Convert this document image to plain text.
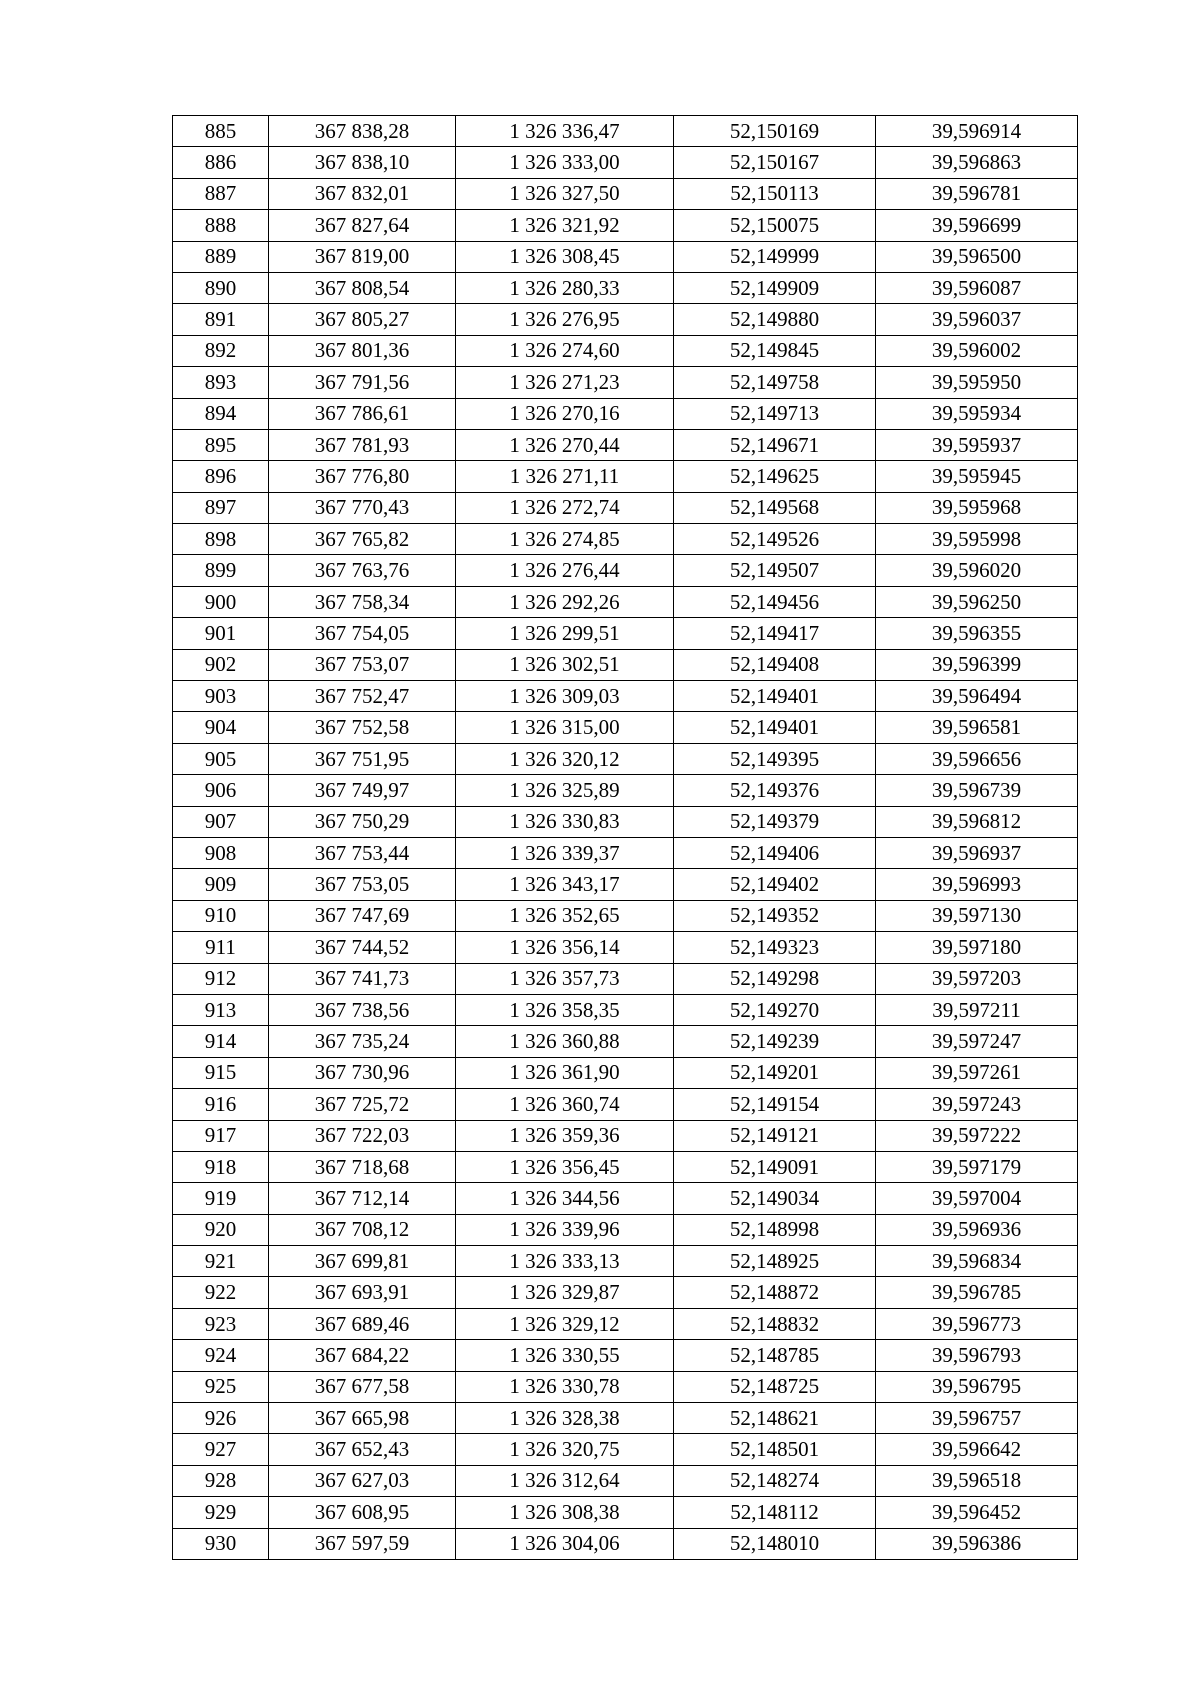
885	367 838,28	1 326 336,47	52,150169	39,596914
886	367 838,10	1 326 333,00	52,150167	39,596863
887	367 832,01	1 326 327,50	52,150113	39,596781
888	367 827,64	1 326 321,92	52,150075	39,596699
889	367 819,00	1 326 308,45	52,149999	39,596500
890	367 808,54	1 326 280,33	52,149909	39,596087
891	367 805,27	1 326 276,95	52,149880	39,596037
892	367 801,36	1 326 274,60	52,149845	39,596002
893	367 791,56	1 326 271,23	52,149758	39,595950
894	367 786,61	1 326 270,16	52,149713	39,595934
895	367 781,93	1 326 270,44	52,149671	39,595937
896	367 776,80	1 326 271,11	52,149625	39,595945
897	367 770,43	1 326 272,74	52,149568	39,595968
898	367 765,82	1 326 274,85	52,149526	39,595998
899	367 763,76	1 326 276,44	52,149507	39,596020
900	367 758,34	1 326 292,26	52,149456	39,596250
901	367 754,05	1 326 299,51	52,149417	39,596355
902	367 753,07	1 326 302,51	52,149408	39,596399
903	367 752,47	1 326 309,03	52,149401	39,596494
904	367 752,58	1 326 315,00	52,149401	39,596581
905	367 751,95	1 326 320,12	52,149395	39,596656
906	367 749,97	1 326 325,89	52,149376	39,596739
907	367 750,29	1 326 330,83	52,149379	39,596812
908	367 753,44	1 326 339,37	52,149406	39,596937
909	367 753,05	1 326 343,17	52,149402	39,596993
910	367 747,69	1 326 352,65	52,149352	39,597130
911	367 744,52	1 326 356,14	52,149323	39,597180
912	367 741,73	1 326 357,73	52,149298	39,597203
913	367 738,56	1 326 358,35	52,149270	39,597211
914	367 735,24	1 326 360,88	52,149239	39,597247
915	367 730,96	1 326 361,90	52,149201	39,597261
916	367 725,72	1 326 360,74	52,149154	39,597243
917	367 722,03	1 326 359,36	52,149121	39,597222
918	367 718,68	1 326 356,45	52,149091	39,597179
919	367 712,14	1 326 344,56	52,149034	39,597004
920	367 708,12	1 326 339,96	52,148998	39,596936
921	367 699,81	1 326 333,13	52,148925	39,596834
922	367 693,91	1 326 329,87	52,148872	39,596785
923	367 689,46	1 326 329,12	52,148832	39,596773
924	367 684,22	1 326 330,55	52,148785	39,596793
925	367 677,58	1 326 330,78	52,148725	39,596795
926	367 665,98	1 326 328,38	52,148621	39,596757
927	367 652,43	1 326 320,75	52,148501	39,596642
928	367 627,03	1 326 312,64	52,148274	39,596518
929	367 608,95	1 326 308,38	52,148112	39,596452
930	367 597,59	1 326 304,06	52,148010	39,596386
